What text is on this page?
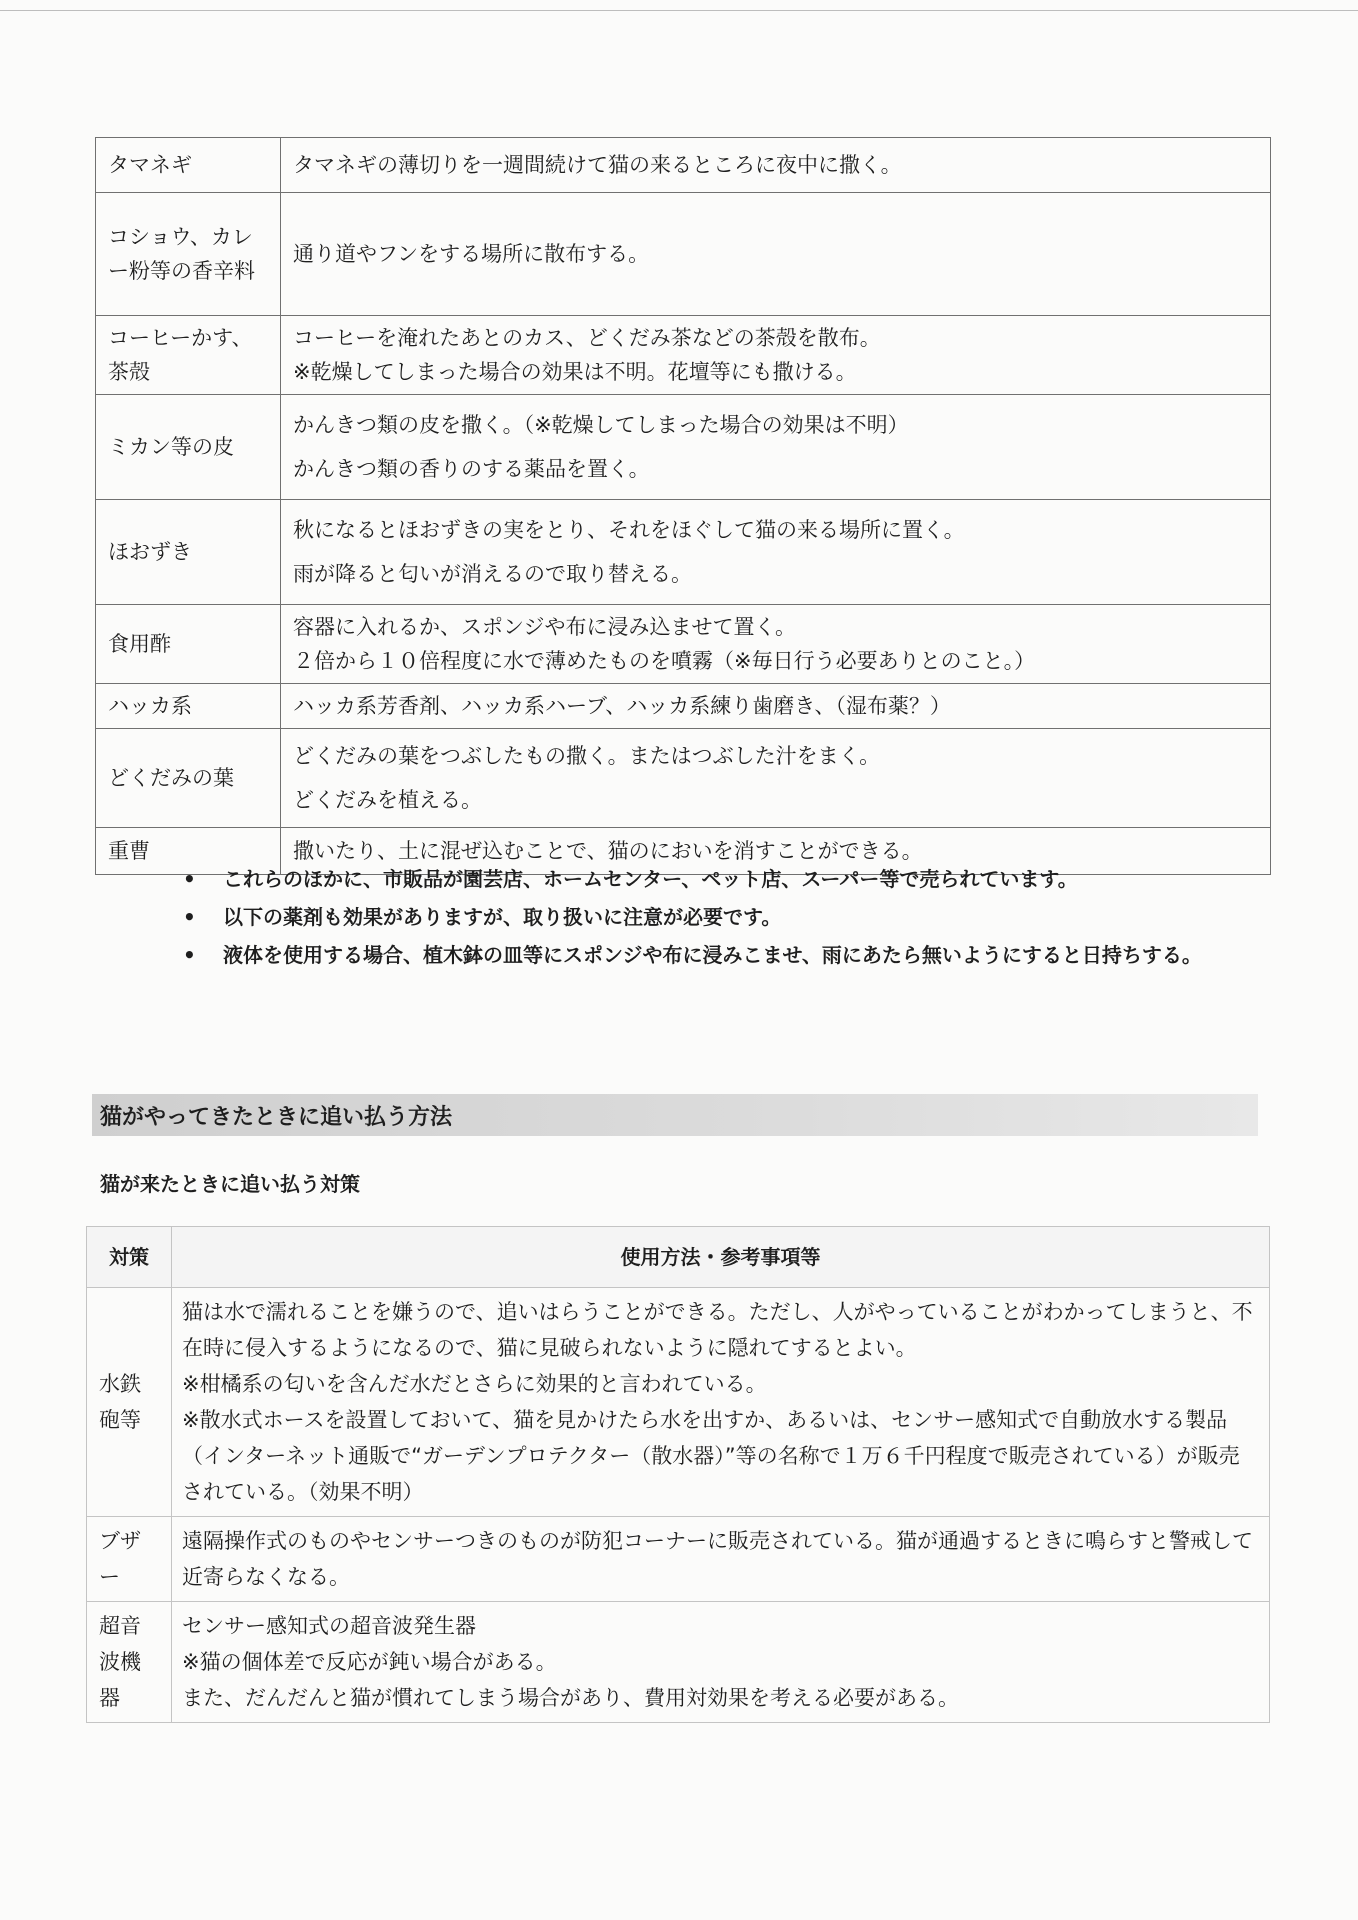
タマネギ	タマネギの薄切りを一週間続けて猫の来るところに夜中に撒く。

コショウ、カレー粉等の香辛料	通り道やフンをする場所に散布する。

コーヒーかす、茶殻	コーヒーを淹れたあとのカス、どくだみ茶などの茶殻を散布。
※乾燥してしまった場合の効果は不明。花壇等にも撒ける。

ミカン等の皮	かんきつ類の皮を撒く。（※乾燥してしまった場合の効果は不明）
かんきつ類の香りのする薬品を置く。

ほおずき	秋になるとほおずきの実をとり、それをほぐして猫の来る場所に置く。
雨が降ると匂いが消えるので取り替える。

食用酢	容器に入れるか、スポンジや布に浸み込ませて置く。
２倍から１０倍程度に水で薄めたものを噴霧（※毎日行う必要ありとのこと。）

ハッカ系	ハッカ系芳香剤、ハッカ系ハーブ、ハッカ系練り歯磨き、（湿布薬？）

どくだみの葉	どくだみの葉をつぶしたもの撒く。またはつぶした汁をまく。
どくだみを植える。

重曹	撒いたり、土に混ぜ込むことで、猫のにおいを消すことができる。
• これらのほかに、市販品が園芸店、ホームセンター、ペット店、スーパー等で売られています。
• 以下の薬剤も効果がありますが、取り扱いに注意が必要です。
• 液体を使用する場合、植木鉢の皿等にスポンジや布に浸みこませ、雨にあたら無いようにすると日持ちする。
猫がやってきたときに追い払う方法
猫が来たときに追い払う対策
対策	使用方法・参考事項等

水鉄砲等	猫は水で濡れることを嫌うので、追いはらうことができる。ただし、人がやっていることがわかってしまうと、不在時に侵入するようになるので、猫に見破られないように隠れてするとよい。
※柑橘系の匂いを含んだ水だとさらに効果的と言われている。
※散水式ホースを設置しておいて、猫を見かけたら水を出すか、あるいは、センサー感知式で自動放水する製品（インターネット通販で“ガーデンプロテクター（散水器）”等の名称で１万６千円程度で販売されている）が販売されている。（効果不明）

ブザー	遠隔操作式のものやセンサーつきのものが防犯コーナーに販売されている。猫が通過するときに鳴らすと警戒して近寄らなくなる。

超音波機器	センサー感知式の超音波発生器
※猫の個体差で反応が鈍い場合がある。
また、だんだんと猫が慣れてしまう場合があり、費用対効果を考える必要がある。
